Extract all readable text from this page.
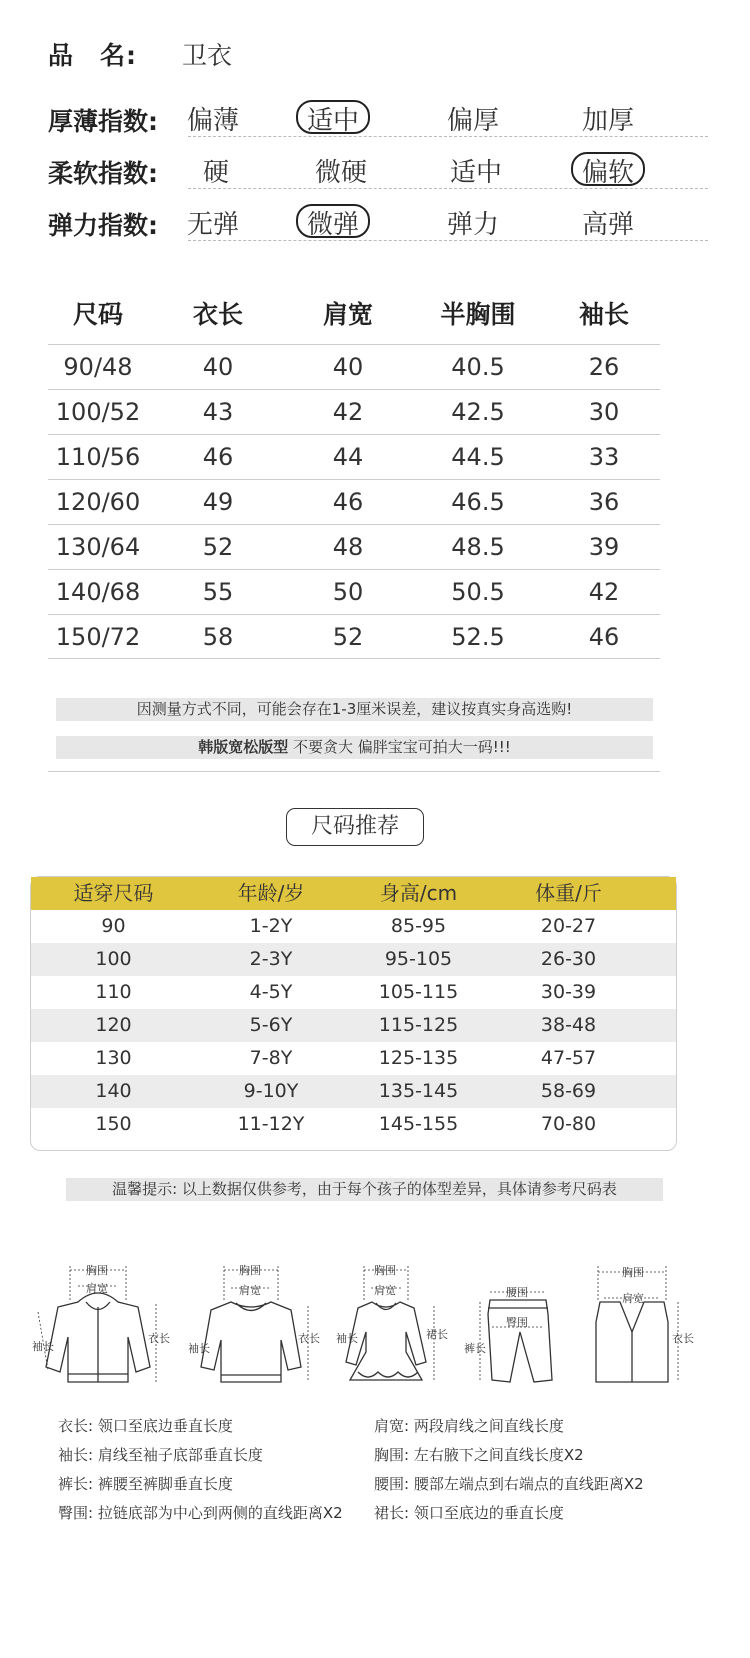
品　名: 卫衣
厚薄指数:	偏薄	适中	偏厚	加厚
柔软指数:	硬	微硬	适中	偏软
弹力指数:	无弹	微弹	弹力	高弹
尺码	衣长	肩宽	半胸围	袖长
90/48	40	40	40.5	26
100/52	43	42	42.5	30
110/56	46	44	44.5	33
120/60	49	46	46.5	36
130/64	52	48	48.5	39
140/68	55	50	50.5	42
150/72	58	52	52.5	46
因测量方式不同，可能会存在1-3厘米误差，建议按真实身高选购!
韩版宽松版型 不要贪大 偏胖宝宝可拍大一码!!!
尺码推荐
适穿尺码	年龄/岁	身高/cm	体重/斤
90	1-2Y	85-95	20-27
100	2-3Y	95-105	26-30
110	4-5Y	105-115	30-39
120	5-6Y	115-125	38-48
130	7-8Y	125-135	47-57
140	9-10Y	135-145	58-69
150	11-12Y	145-155	70-80
温馨提示: 以上数据仅供参考，由于每个孩子的体型差异，具体请参考尺码表
胸围
肩宽
袖长
衣长
胸围
肩宽
袖长
衣长
胸围
肩宽
袖长	裙长
腰围
臀围
裤长
胸围
肩宽
衣长
衣长: 领口至底边垂直长度
袖长: 肩线至袖子底部垂直长度
裤长: 裤腰至裤脚垂直长度
臀围: 拉链底部为中心到两侧的直线距离X2
肩宽: 两段肩线之间直线长度
胸围: 左右腋下之间直线长度X2
腰围: 腰部左端点到右端点的直线距离X2
裙长: 领口至底边的垂直长度
